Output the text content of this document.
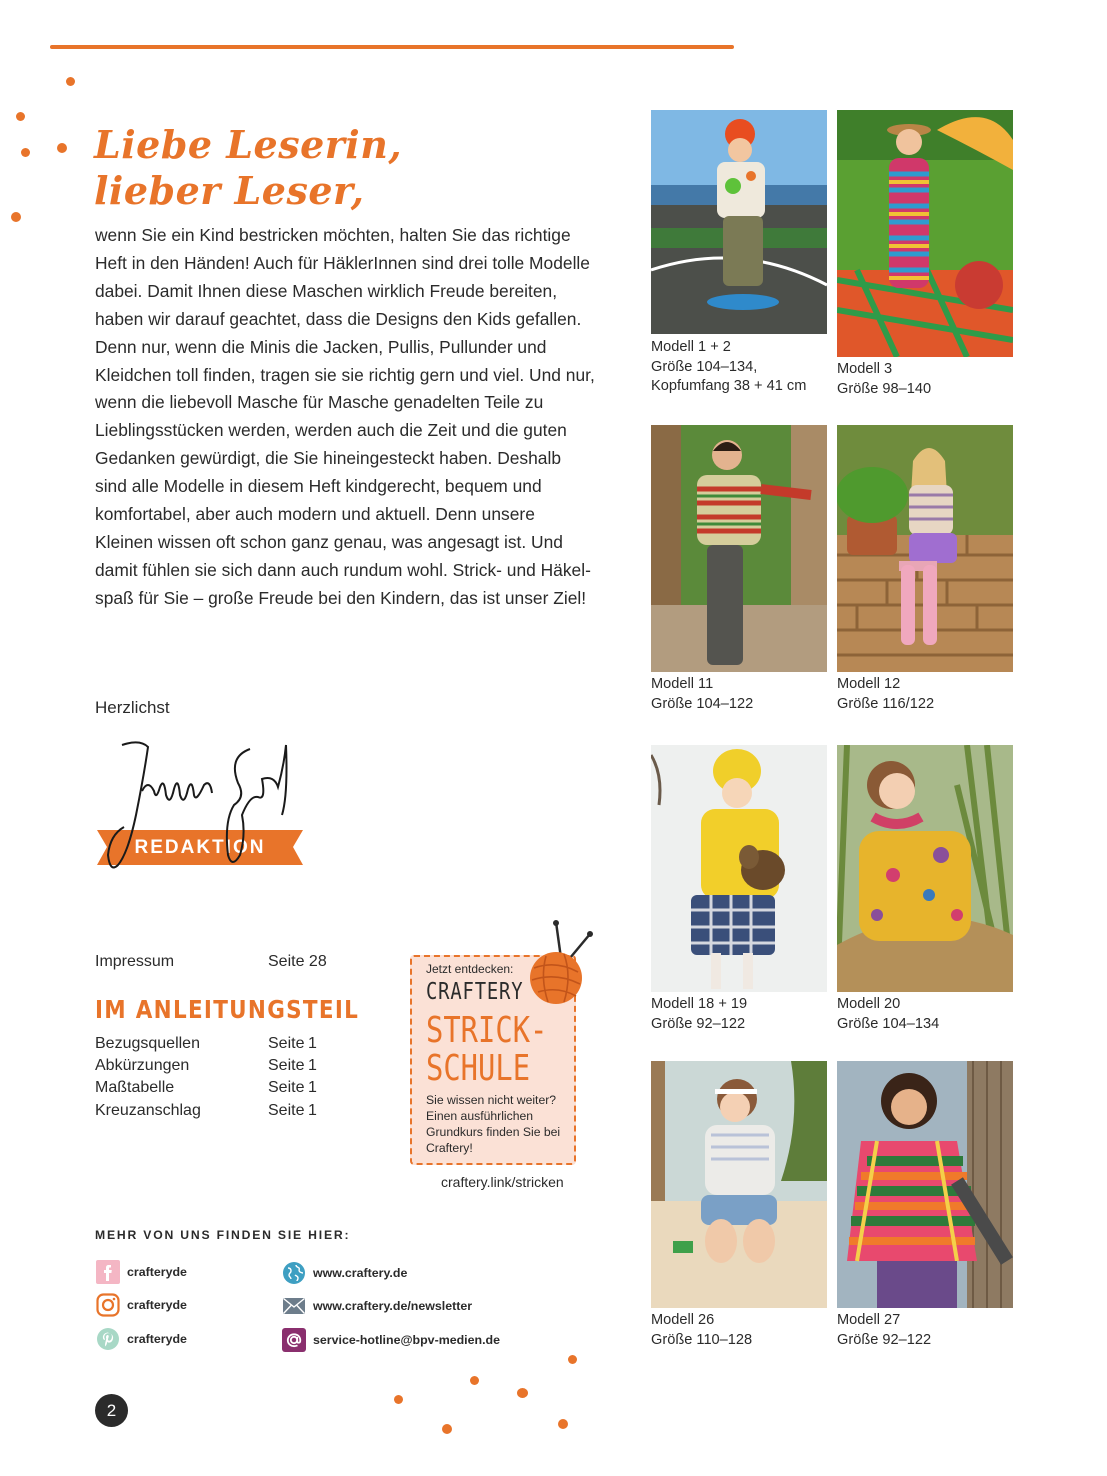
Liebe Leserin,
lieber Leser,

wenn Sie ein Kind bestricken möchten, halten Sie das richtige Heft in den Händen! Auch für HäklerInnen sind drei tolle Modelle dabei. Damit Ihnen diese Maschen wirklich Freude bereiten, haben wir darauf geachtet, dass die Designs den Kids gefallen. Denn nur, wenn die Minis die Jacken, Pullis, Pullunder und Kleidchen toll finden, tragen sie sie richtig gern und viel. Und nur, wenn die liebevoll Masche für Masche genadelten Teile zu Lieblingsstücken werden, werden auch die Zeit und die guten Gedanken gewürdigt, die Sie hineingesteckt haben. Deshalb sind alle Modelle in diesem Heft kindgerecht, bequem und komfortabel, aber auch modern und aktuell. Denn unsere Kleinen wissen oft schon ganz genau, was angesagt ist. Und damit fühlen sie sich dann auch rundum wohl. Strick- und Häkelspaß für Sie – große Freude bei den Kindern, das ist unser Ziel!

Herzlichst
REDAKTION
Impressum	Seite 28
IM ANLEITUNGSTEIL
Bezugsquellen	Seite 1
Abkürzungen	Seite 1
Maßtabelle	Seite 1
Kreuzanschlag	Seite 1
Jetzt entdecken:
CRAFTERY
STRICK-
SCHULE
Sie wissen nicht weiter? Einen ausführlichen Grundkurs finden Sie bei Craftery!
craftery.link/stricken
MEHR VON UNS FINDEN SIE HIER:
crafteryde
crafteryde
crafteryde
www.craftery.de
www.craftery.de/newsletter
service-hotline@bpv-medien.de
2
Modell 1 + 2
Größe 104–134,
Kopfumfang 38 + 41 cm
Modell 3
Größe 98–140
Modell 11
Größe 104–122
Modell 12
Größe 116/122
Modell 18 + 19
Größe 92–122
Modell 20
Größe 104–134
Modell 26
Größe 110–128
Modell 27
Größe 92–122
